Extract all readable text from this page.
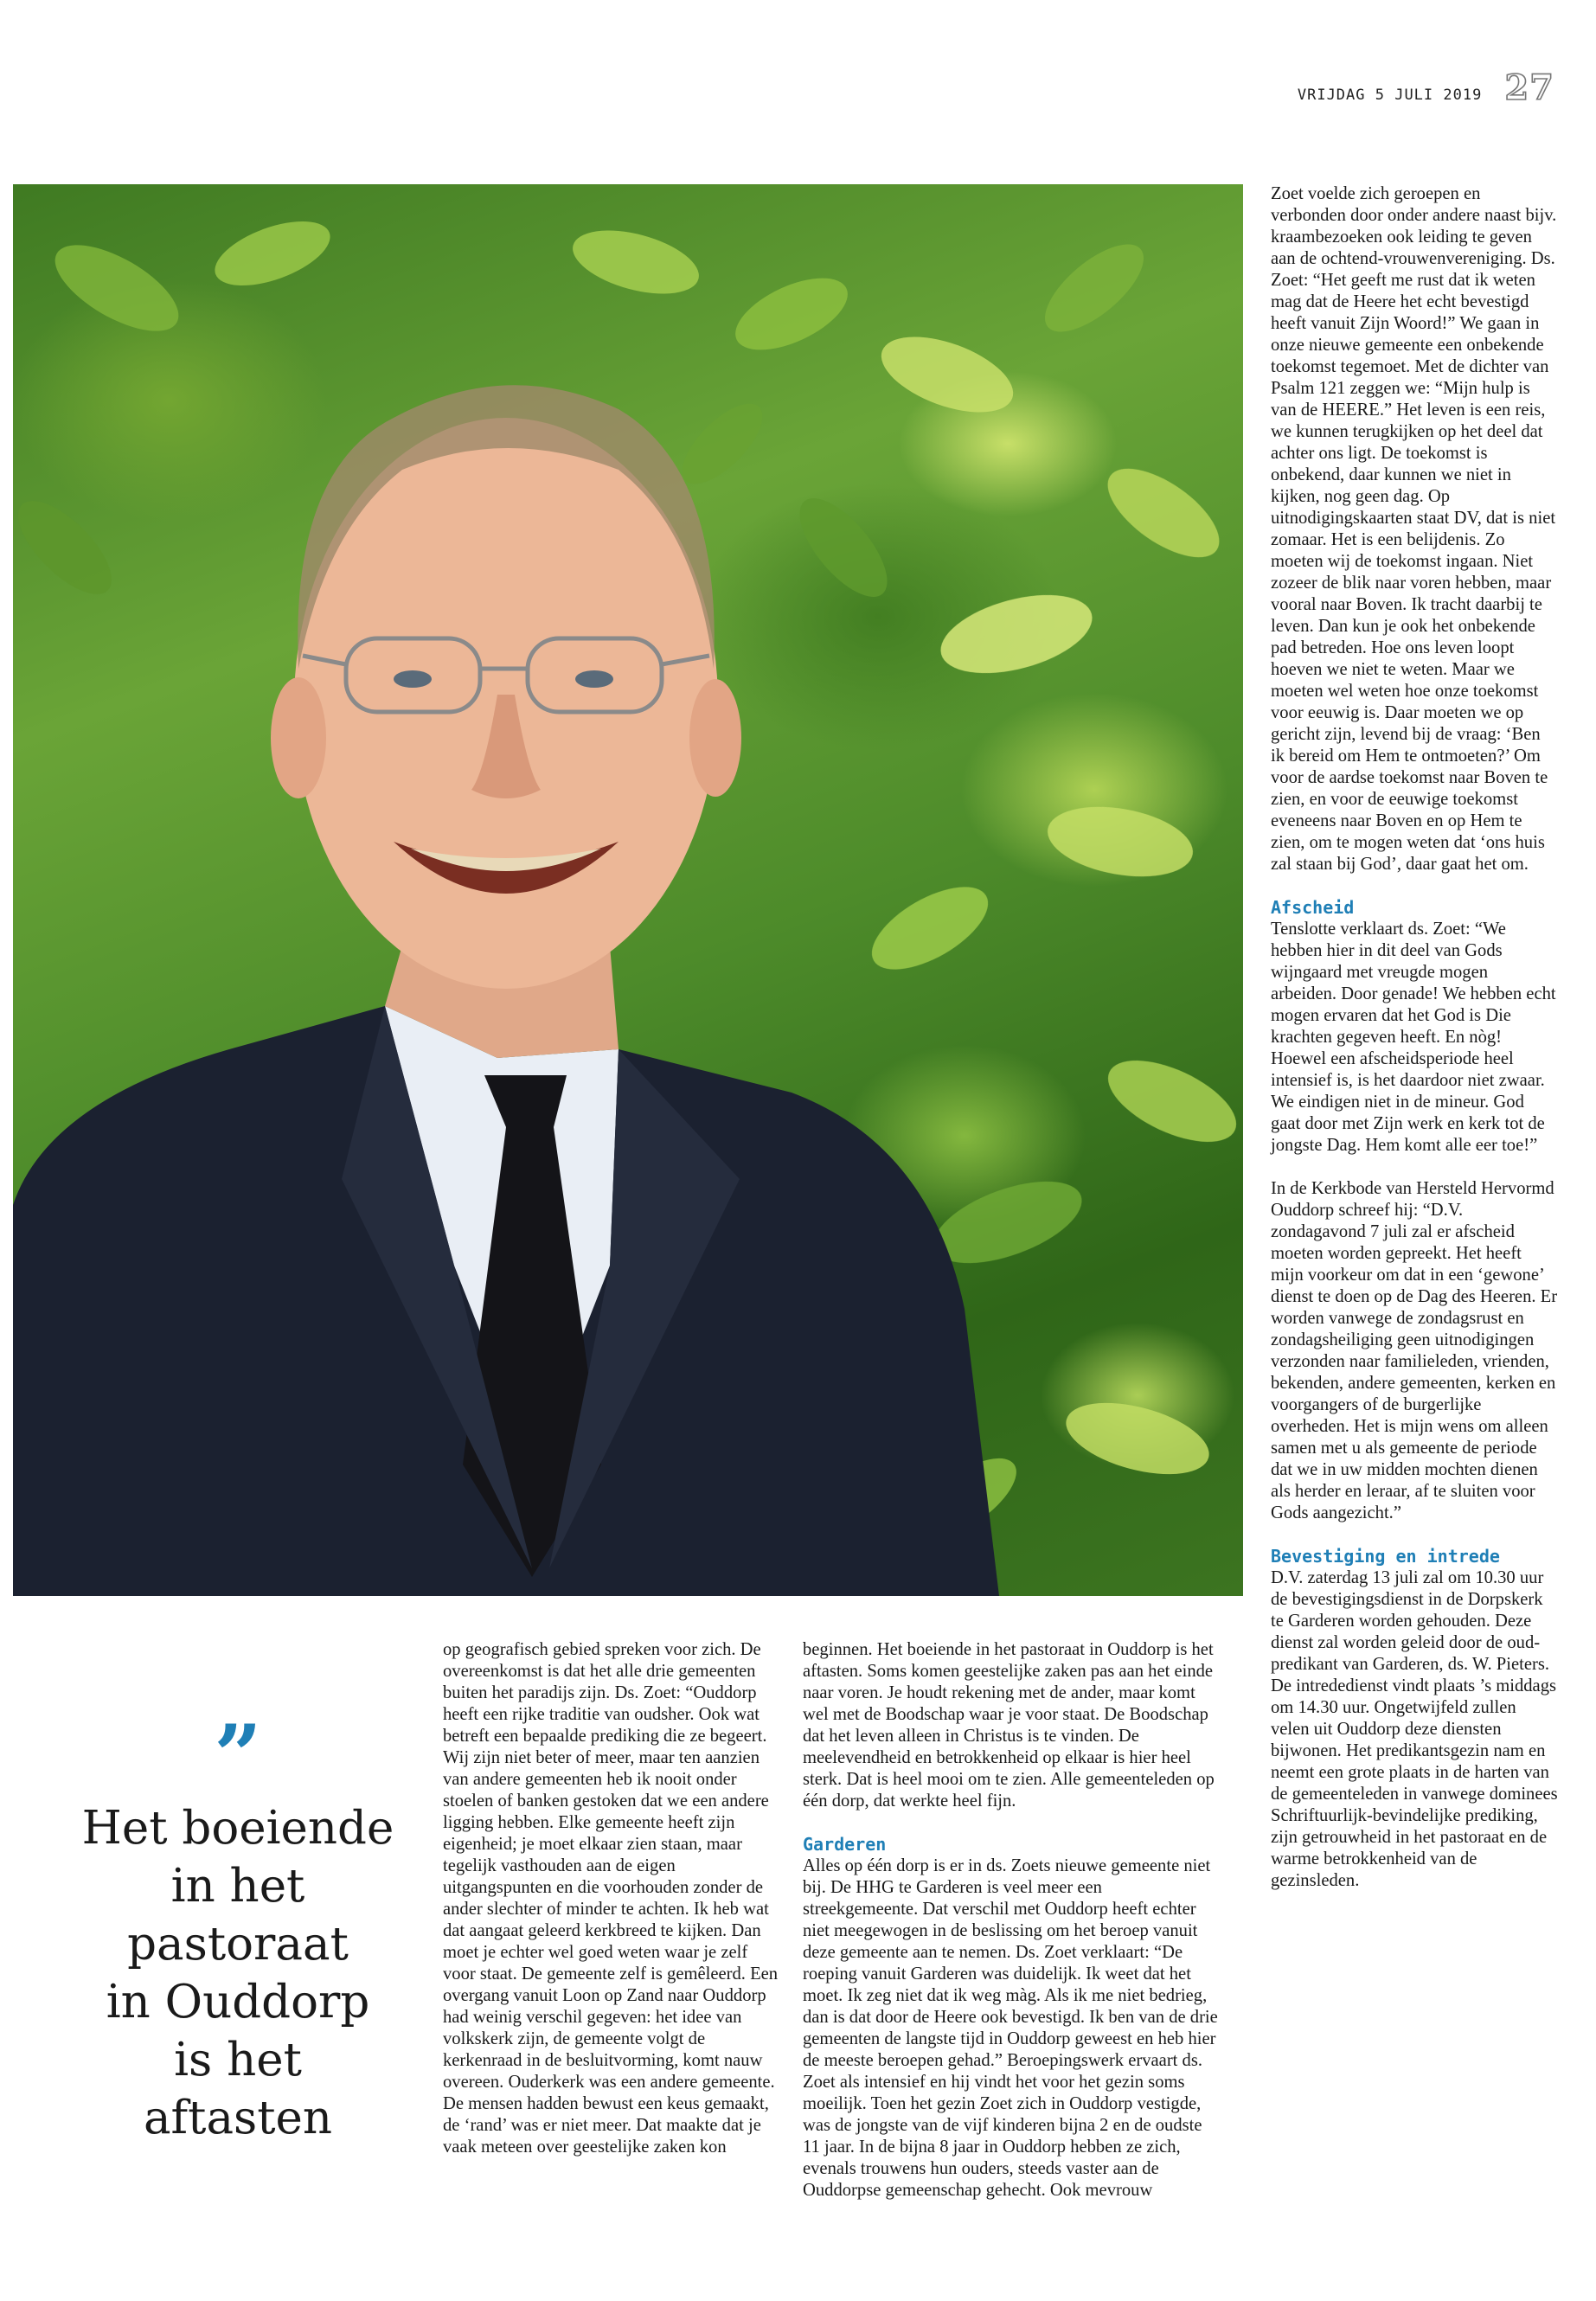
VRIJDAG 5 JULI 2019 27
”
Het boeiende
in het
pastoraat
in Ouddorp
is het
aftasten

op geografisch gebied spreken voor zich. De overeenkomst is dat het alle drie gemeenten buiten het paradijs zijn. Ds. Zoet: “Ouddorp heeft een rijke traditie van oudsher. Ook wat betreft een bepaalde prediking die ze begeert. Wij zijn niet beter of meer, maar ten aanzien van andere gemeenten heb ik nooit onder stoelen of banken gestoken dat we een andere ligging hebben. Elke gemeente heeft zijn eigenheid; je moet elkaar zien staan, maar tegelijk vasthouden aan de eigen uitgangspunten en die voorhouden zonder de ander slechter of minder te achten. Ik heb wat dat aangaat geleerd kerkbreed te kijken. Dan moet je echter wel goed weten waar je zelf voor staat. De gemeente zelf is gemêleerd. Een overgang vanuit Loon op Zand naar Ouddorp had weinig verschil gegeven: het idee van volkskerk zijn, de gemeente volgt de kerkenraad in de besluitvorming, komt nauw overeen. Ouderkerk was een andere gemeente. De mensen hadden bewust een keus gemaakt, de ‘rand’ was er niet meer. Dat maakte dat je vaak meteen over geestelijke zaken kon

beginnen. Het boeiende in het pastoraat in Ouddorp is het aftasten. Soms komen geestelijke zaken pas aan het einde naar voren. Je houdt rekening met de ander, maar komt wel met de Boodschap waar je voor staat. De Boodschap dat het leven alleen in Christus is te vinden. De meelevendheid en betrokkenheid op elkaar is hier heel sterk. Dat is heel mooi om te zien. Alle gemeenteleden op één dorp, dat werkte heel fijn.

Garderen

Alles op één dorp is er in ds. Zoets nieuwe gemeente niet bij. De HHG te Garderen is veel meer een streekgemeente. Dat verschil met Ouddorp heeft echter niet meegewogen in de beslissing om het beroep vanuit deze gemeente aan te nemen. Ds. Zoet verklaart: “De roeping vanuit Garderen was duidelijk. Ik weet dat het moet. Ik zeg niet dat ik weg màg. Als ik me niet bedrieg, dan is dat door de Heere ook bevestigd. Ik ben van de drie gemeenten de langste tijd in Ouddorp geweest en heb hier de meeste beroepen gehad.” Beroepingswerk ervaart ds. Zoet als intensief en hij vindt het voor het gezin soms moeilijk. Toen het gezin Zoet zich in Ouddorp vestigde, was de jongste van de vijf kinderen bijna 2 en de oudste 11 jaar. In de bijna 8 jaar in Ouddorp hebben ze zich, evenals trouwens hun ouders, steeds vaster aan de Ouddorpse gemeenschap gehecht. Ook mevrouw

Zoet voelde zich geroepen en verbonden door onder andere naast bijv. kraambezoeken ook leiding te geven aan de ochtend-vrouwenvereniging. Ds. Zoet: “Het geeft me rust dat ik weten mag dat de Heere het echt bevestigd heeft vanuit Zijn Woord!” We gaan in onze nieuwe gemeente een onbekende toekomst tegemoet. Met de dichter van Psalm 121 zeggen we: “Mijn hulp is van de HEERE.” Het leven is een reis, we kunnen terugkijken op het deel dat achter ons ligt. De toekomst is onbekend, daar kunnen we niet in kijken, nog geen dag. Op uitnodigingskaarten staat DV, dat is niet zomaar. Het is een belijdenis. Zo moeten wij de toekomst ingaan. Niet zozeer de blik naar voren hebben, maar vooral naar Boven. Ik tracht daarbij te leven. Dan kun je ook het onbekende pad betreden. Hoe ons leven loopt hoeven we niet te weten. Maar we moeten wel weten hoe onze toekomst voor eeuwig is. Daar moeten we op gericht zijn, levend bij de vraag: ‘Ben ik bereid om Hem te ontmoeten?’ Om voor de aardse toekomst naar Boven te zien, en voor de eeuwige toekomst eveneens naar Boven en op Hem te zien, om te mogen weten dat ‘ons huis zal staan bij God’, daar gaat het om.

Afscheid

Tenslotte verklaart ds. Zoet: “We hebben hier in dit deel van Gods wijngaard met vreugde mogen arbeiden. Door genade! We hebben echt mogen ervaren dat het God is Die krachten gegeven heeft. En nòg! Hoewel een afscheidsperiode heel intensief is, is het daardoor niet zwaar. We eindigen niet in de mineur. God gaat door met Zijn werk en kerk tot de jongste Dag. Hem komt alle eer toe!”

In de Kerkbode van Hersteld Hervormd Ouddorp schreef hij: “D.V. zondagavond 7 juli zal er afscheid moeten worden gepreekt. Het heeft mijn voorkeur om dat in een ‘gewone’ dienst te doen op de Dag des Heeren. Er worden vanwege de zondagsrust en zondagsheiliging geen uitnodigingen verzonden naar familieleden, vrienden, bekenden, andere gemeenten, kerken en voorgangers of de burgerlijke overheden. Het is mijn wens om alleen samen met u als gemeente de periode dat we in uw midden mochten dienen als herder en leraar, af te sluiten voor Gods aangezicht.”

Bevestiging en intrede

D.V. zaterdag 13 juli zal om 10.30 uur de bevestigingsdienst in de Dorpskerk te Garderen worden gehouden. Deze dienst zal worden geleid door de oud-predikant van Garderen, ds. W. Pieters. De intrededienst vindt plaats ’s middags om 14.30 uur. Ongetwijfeld zullen velen uit Ouddorp deze diensten bijwonen. Het predikantsgezin nam en neemt een grote plaats in de harten van de gemeenteleden in vanwege dominees Schriftuurlijk-bevindelijke prediking, zijn getrouwheid in het pastoraat en de warme betrokkenheid van de gezinsleden.
